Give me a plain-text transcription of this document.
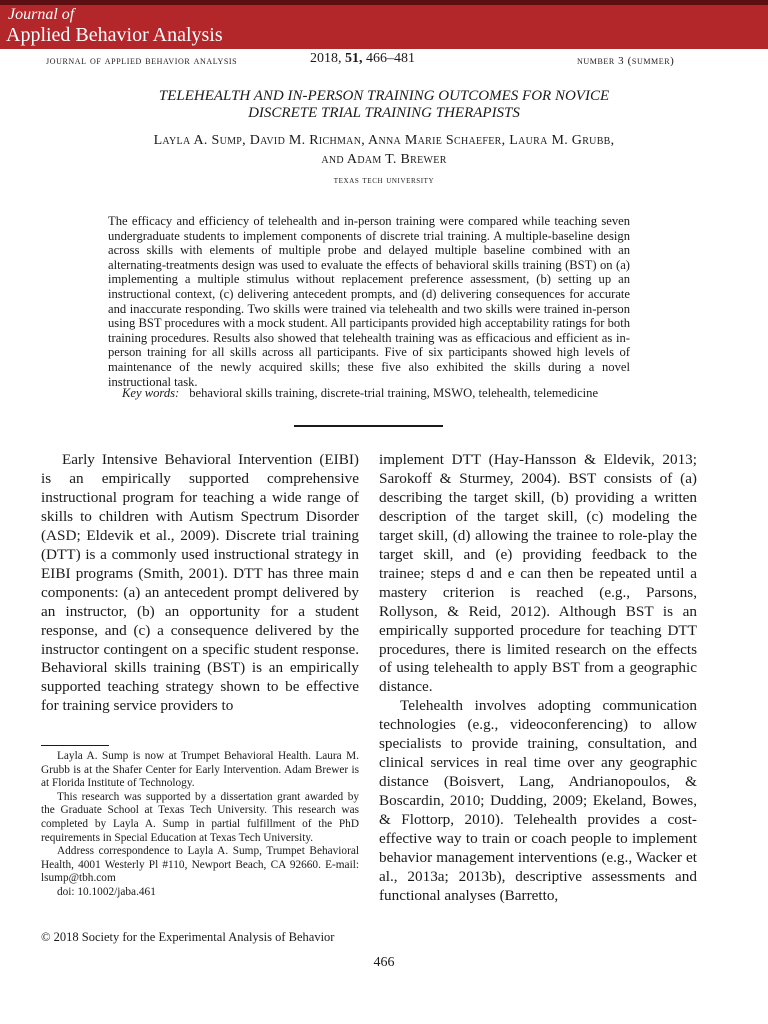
Journal of
Applied Behavior Analysis
journal of applied behavior analysis	2018, 51, 466–481	number 3 (summer)
TELEHEALTH AND IN-PERSON TRAINING OUTCOMES FOR NOVICE
DISCRETE TRIAL TRAINING THERAPISTS
Layla A. Sump, David M. Richman, Anna Marie Schaefer, Laura M. Grubb,
and Adam T. Brewer
texas tech university
The efficacy and efficiency of telehealth and in-person training were compared while teaching seven undergraduate students to implement components of discrete trial training. A multiple-baseline design across skills with elements of multiple probe and delayed multiple baseline combined with an alternating-treatments design was used to evaluate the effects of behavioral skills training (BST) on (a) implementing a multiple stimulus without replacement preference assessment, (b) setting up an instructional context, (c) delivering antecedent prompts, and (d) delivering consequences for accurate and inaccurate responding. Two skills were trained via telehealth and two skills were trained in-person using BST procedures with a mock student. All participants provided high acceptability ratings for both training procedures. Results also showed that telehealth training was as efficacious and efficient as in-person training for all skills across all participants. Five of six participants showed high levels of maintenance of the newly acquired skills; these five also exhibited the skills during a novel instructional task.
Key words: behavioral skills training, discrete-trial training, MSWO, telehealth, telemedicine

Early Intensive Behavioral Intervention (EIBI) is an empirically supported comprehensive instructional program for teaching a wide range of skills to children with Autism Spectrum Disorder (ASD; Eldevik et al., 2009). Discrete trial training (DTT) is a commonly used instructional strategy in EIBI programs (Smith, 2001). DTT has three main components: (a) an antecedent prompt delivered by an instructor, (b) an opportunity for a student response, and (c) a consequence delivered by the instructor contingent on a specific student response. Behavioral skills training (BST) is an empirically supported teaching strategy shown to be effective for training service providers to

implement DTT (Hay-Hansson & Eldevik, 2013; Sarokoff & Sturmey, 2004). BST consists of (a) describing the target skill, (b) providing a written description of the target skill, (c) modeling the target skill, (d) allowing the trainee to role-play the target skill, and (e) providing feedback to the trainee; steps d and e can then be repeated until a mastery criterion is reached (e.g., Parsons, Rollyson, & Reid, 2012). Although BST is an empirically supported procedure for teaching DTT procedures, there is limited research on the effects of using telehealth to apply BST from a geographic distance.

Telehealth involves adopting communication technologies (e.g., videoconferencing) to allow specialists to provide training, consultation, and clinical services in real time over any geographic distance (Boisvert, Lang, Andrianopoulos, & Boscardin, 2010; Dudding, 2009; Ekeland, Bowes, & Flottorp, 2010). Telehealth provides a cost-effective way to train or coach people to implement behavior management interventions (e.g., Wacker et al., 2013a; 2013b), descriptive assessments and functional analyses (Barretto,

Layla A. Sump is now at Trumpet Behavioral Health. Laura M. Grubb is at the Shafer Center for Early Intervention. Adam Brewer is at Florida Institute of Technology.

This research was supported by a dissertation grant awarded by the Graduate School at Texas Tech University. This research was completed by Layla A. Sump in partial fulfillment of the PhD requirements in Special Education at Texas Tech University.

Address correspondence to Layla A. Sump, Trumpet Behavioral Health, 4001 Westerly Pl #110, Newport Beach, CA 92660. E-mail: lsump@tbh.com

doi: 10.1002/jaba.461

© 2018 Society for the Experimental Analysis of Behavior
466
